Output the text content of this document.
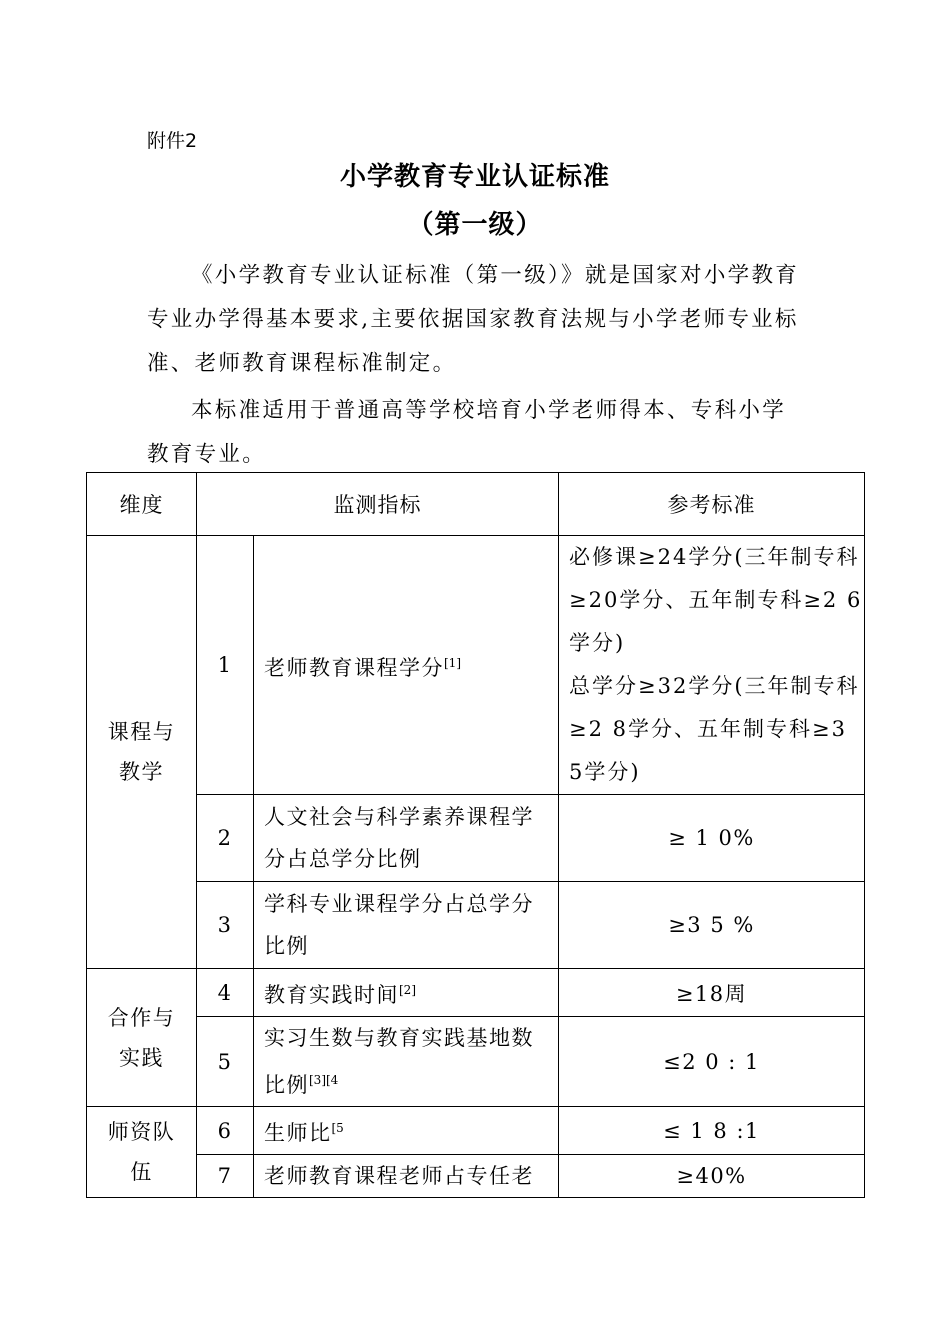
附件2
小学教育专业认证标准
（第一级）
《小学教育专业认证标准（第一级）》就是国家对小学教育专业办学得基本要求,主要依据国家教育法规与小学老师专业标准、老师教育课程标准制定。
本标准适用于普通高等学校培育小学老师得本、专科小学教育专业。
维度	监测指标		参考标准

课程与教学	1	老师教育课程学分[1]	必修课≥24学分(三年制专科≥20学分、五年制专科≥2 6学分)
总学分≥32学分(三年制专科≥2 8学分、五年制专科≥3 5学分)

	2	人文社会与科学素养课程学分占总学分比例	≥ 1 0%
	3	学科专业课程学分占总学分比例	≥3 5 %

合作与实践	4	教育实践时间[2]	≥18周
	5	实习生数与教育实践基地数比例$^{[3][4}$	≤2 0 : 1

师资队伍	6	生师比$^{[5}$	≤ 1 8 :1
	7	老师教育课程老师占专任老	≥40%
